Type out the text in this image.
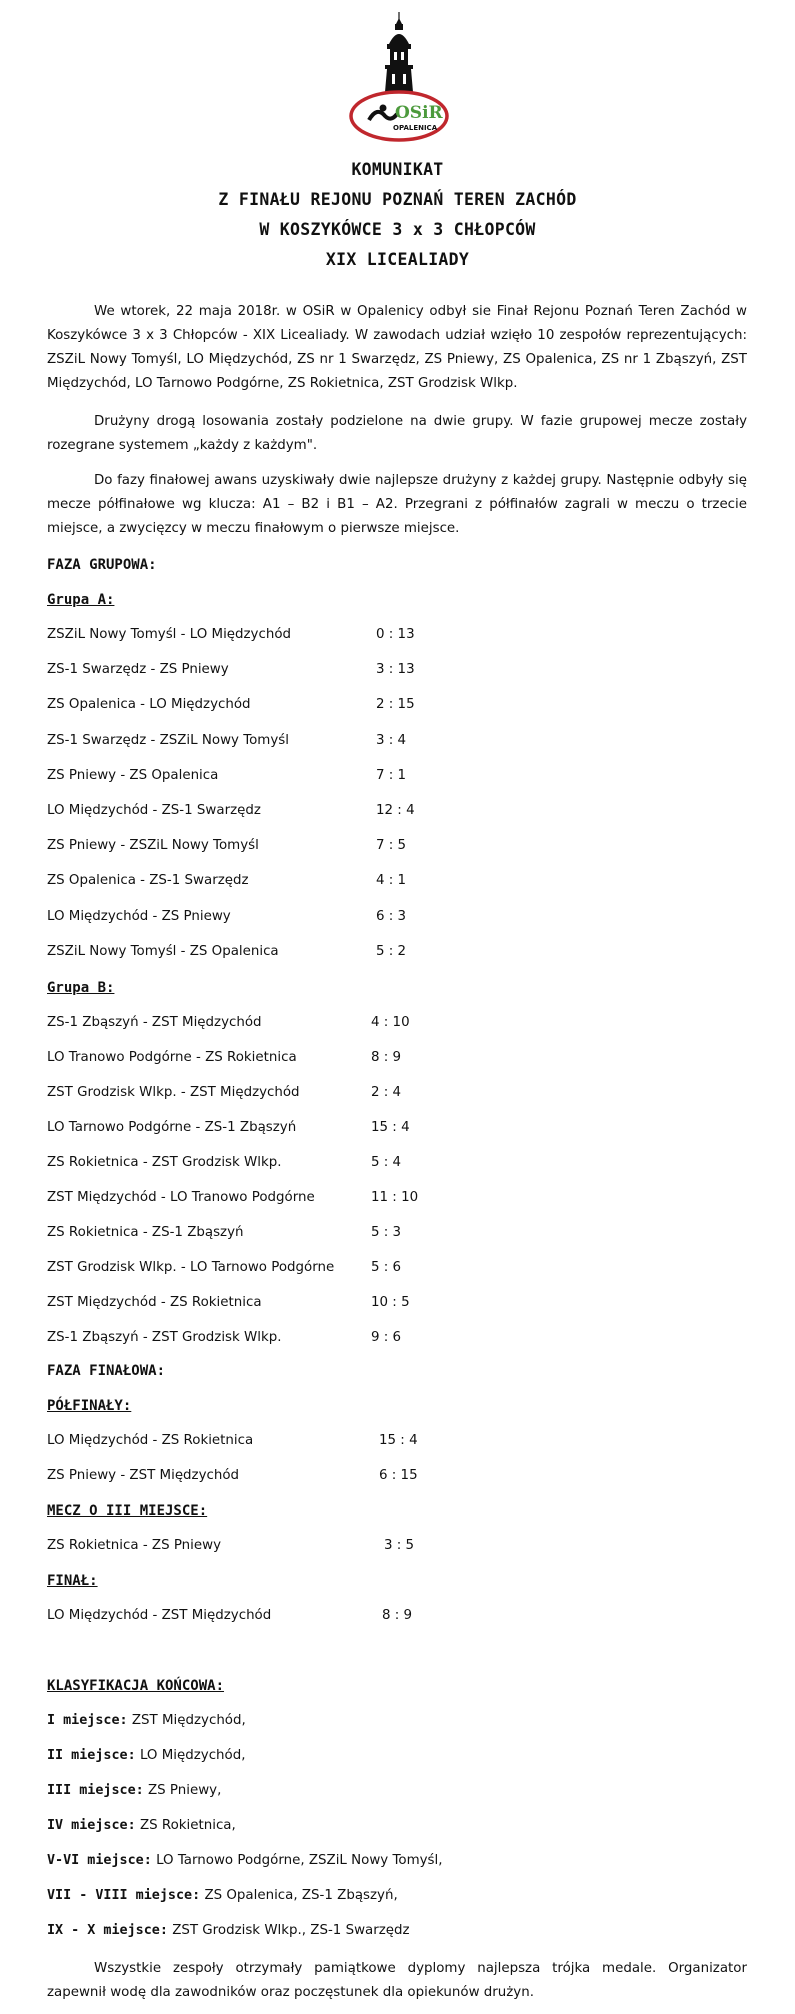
OSiR
OPALENICA
KOMUNIKAT
Z FINAŁU REJONU POZNAŃ TEREN ZACHÓD
W KOSZYKÓWCE 3 x 3 CHŁOPCÓW
XIX LICEALIADY

We wtorek, 22 maja 2018r. w OSiR w Opalenicy odbył sie Finał Rejonu Poznań Teren Zachód w Koszykówce 3 x 3 Chłopców - XIX Licealiady. W zawodach udział wzięło 10 zespołów reprezentujących: ZSZiL Nowy Tomyśl, LO Międzychód, ZS nr 1 Swarzędz, ZS Pniewy, ZS Opalenica, ZS nr 1 Zbąszyń, ZST Międzychód, LO Tarnowo Podgórne, ZS Rokietnica, ZST Grodzisk Wlkp.

Drużyny drogą losowania zostały podzielone na dwie grupy. W fazie grupowej mecze zostały rozegrane systemem „każdy z każdym".

Do fazy finałowej awans uzyskiwały dwie najlepsze drużyny z każdej grupy. Następnie odbyły się mecze półfinałowe wg klucza: A1 – B2 i B1 – A2. Przegrani z półfinałów zagrali w meczu o trzecie miejsce, a zwycięzcy w meczu finałowym o pierwsze miejsce.

FAZA GRUPOWA:
Grupa A:
ZSZiL Nowy Tomyśl - LO Międzychód	0 : 13
ZS-1 Swarzędz - ZS Pniewy	3 : 13
ZS Opalenica - LO Międzychód	2 : 15
ZS-1 Swarzędz - ZSZiL Nowy Tomyśl	3 : 4
ZS Pniewy - ZS Opalenica	7 : 1
LO Międzychód - ZS-1 Swarzędz	12 : 4
ZS Pniewy - ZSZiL Nowy Tomyśl	7 : 5
ZS Opalenica - ZS-1 Swarzędz	4 : 1
LO Międzychód - ZS Pniewy	6 : 3
ZSZiL Nowy Tomyśl - ZS Opalenica	5 : 2
Grupa B:
ZS-1 Zbąszyń - ZST Międzychód	4 : 10
LO Tranowo Podgórne - ZS Rokietnica	8 : 9
ZST Grodzisk Wlkp. - ZST Międzychód	2 : 4
LO Tarnowo Podgórne - ZS-1 Zbąszyń	15 : 4
ZS Rokietnica - ZST Grodzisk Wlkp.	5 : 4
ZST Międzychód - LO Tranowo Podgórne	11 : 10
ZS Rokietnica - ZS-1 Zbąszyń	5 : 3
ZST Grodzisk Wlkp. - LO Tarnowo Podgórne	5 : 6
ZST Międzychód - ZS Rokietnica	10 : 5
ZS-1 Zbąszyń - ZST Grodzisk Wlkp.	9 : 6
FAZA FINAŁOWA:
PÓŁFINAŁY:
LO Międzychód - ZS Rokietnica	15 : 4
ZS Pniewy - ZST Międzychód	6 : 15
MECZ O III MIEJSCE:
ZS Rokietnica - ZS Pniewy	3 : 5
FINAŁ:
LO Międzychód - ZST Międzychód	8 : 9
KLASYFIKACJA KOŃCOWA:
I miejsce: ZST Międzychód,
II miejsce: LO Międzychód,
III miejsce: ZS Pniewy,
IV miejsce: ZS Rokietnica,
V-VI miejsce: LO Tarnowo Podgórne, ZSZiL Nowy Tomyśl,
VII - VIII miejsce: ZS Opalenica, ZS-1 Zbąszyń,
IX - X miejsce: ZST Grodzisk Wlkp., ZS-1 Swarzędz

Wszystkie zespoły otrzymały pamiątkowe dyplomy najlepsza trójka medale. Organizator zapewnił wodę dla zawodników oraz poczęstunek dla opiekunów drużyn.
